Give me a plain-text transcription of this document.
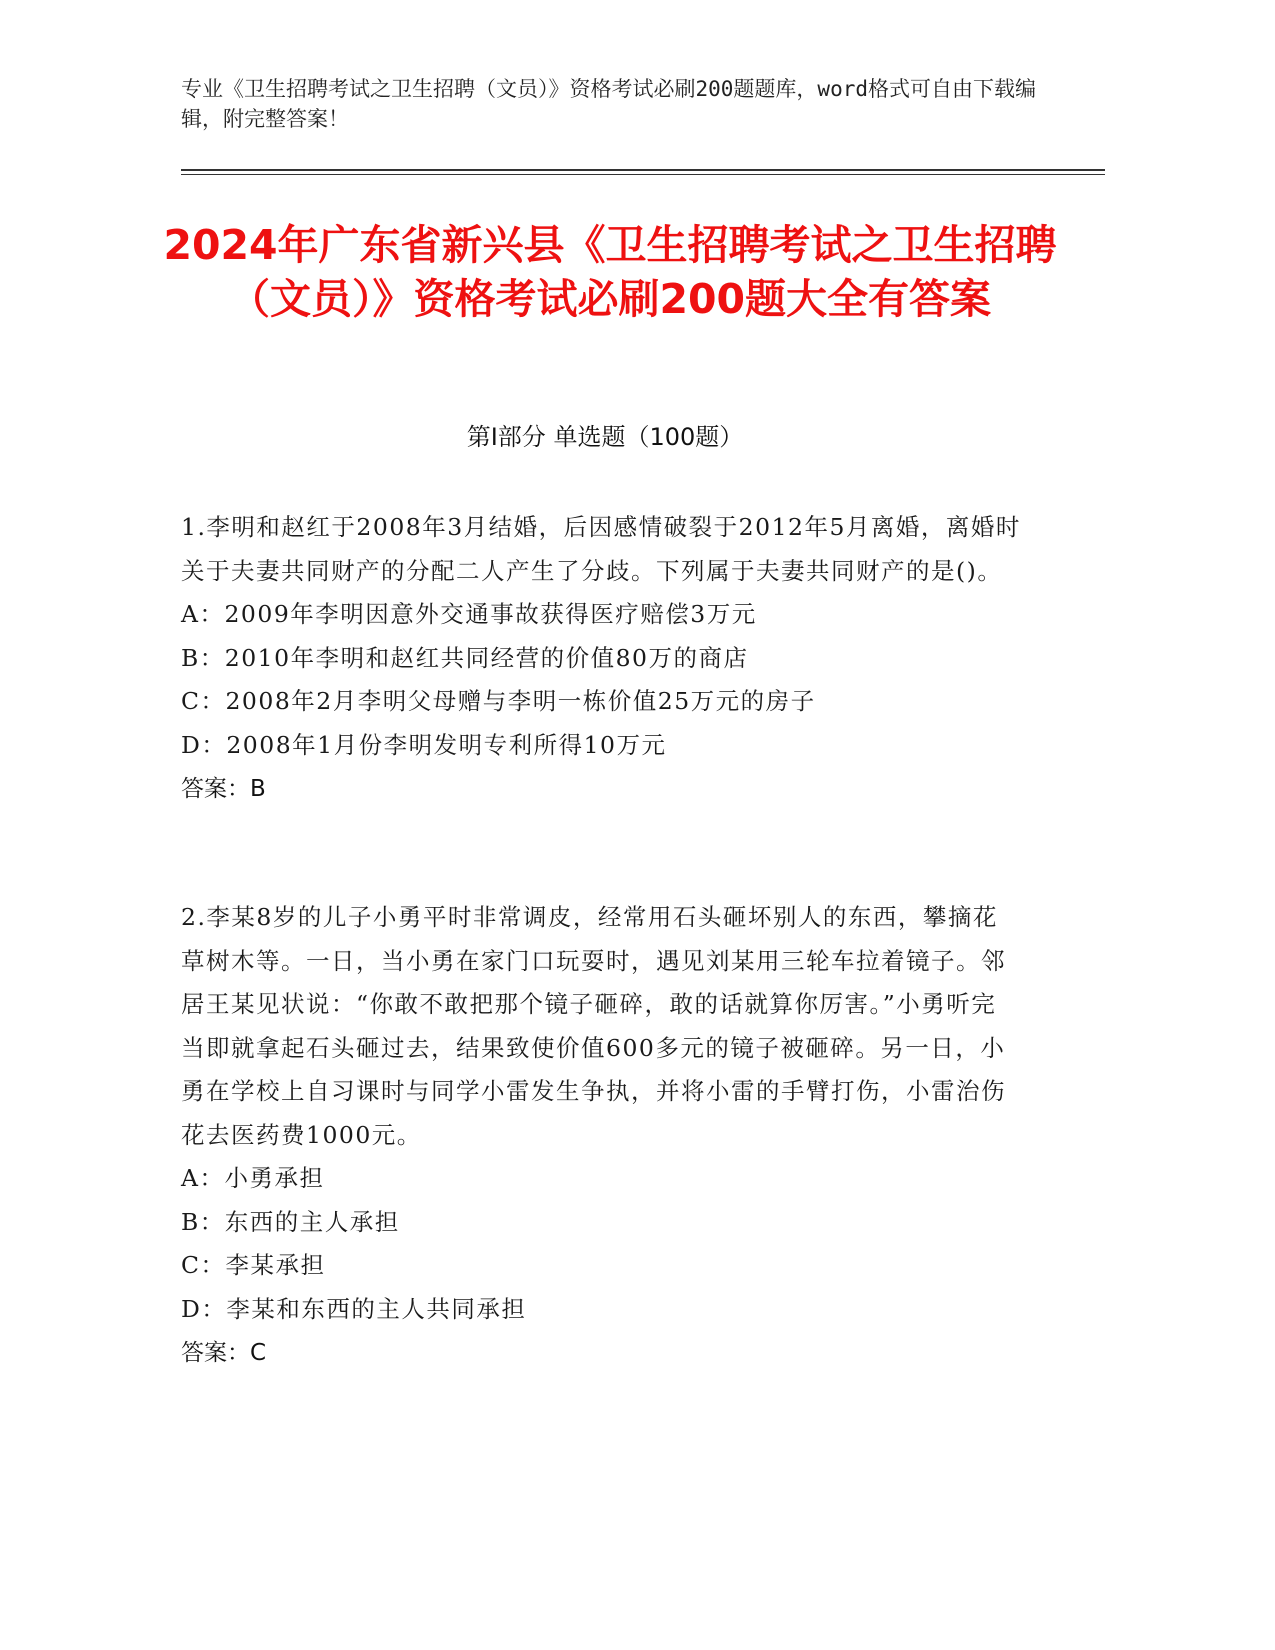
专业《卫生招聘考试之卫生招聘（文员）》资格考试必刷200题题库，word格式可自由下载编辑，附完整答案！
2024年广东省新兴县《卫生招聘考试之卫生招聘（文员）》资格考试必刷200题大全有答案
第Ⅰ部分 单选题（100题）
1.李明和赵红于2008年3月结婚，后因感情破裂于2012年5月离婚，离婚时关于夫妻共同财产的分配二人产生了分歧。下列属于夫妻共同财产的是()。
A：2009年李明因意外交通事故获得医疗赔偿3万元
B：2010年李明和赵红共同经营的价值80万的商店
C：2008年2月李明父母赠与李明一栋价值25万元的房子
D：2008年1月份李明发明专利所得10万元
答案：B
2.李某8岁的儿子小勇平时非常调皮，经常用石头砸坏别人的东西，攀摘花草树木等。一日，当小勇在家门口玩耍时，遇见刘某用三轮车拉着镜子。邻居王某见状说：“你敢不敢把那个镜子砸碎，敢的话就算你厉害。”小勇听完当即就拿起石头砸过去，结果致使价值600多元的镜子被砸碎。另一日，小勇在学校上自习课时与同学小雷发生争执，并将小雷的手臂打伤，小雷治伤花去医药费1000元。
A：小勇承担
B：东西的主人承担
C：李某承担
D：李某和东西的主人共同承担
答案：C
